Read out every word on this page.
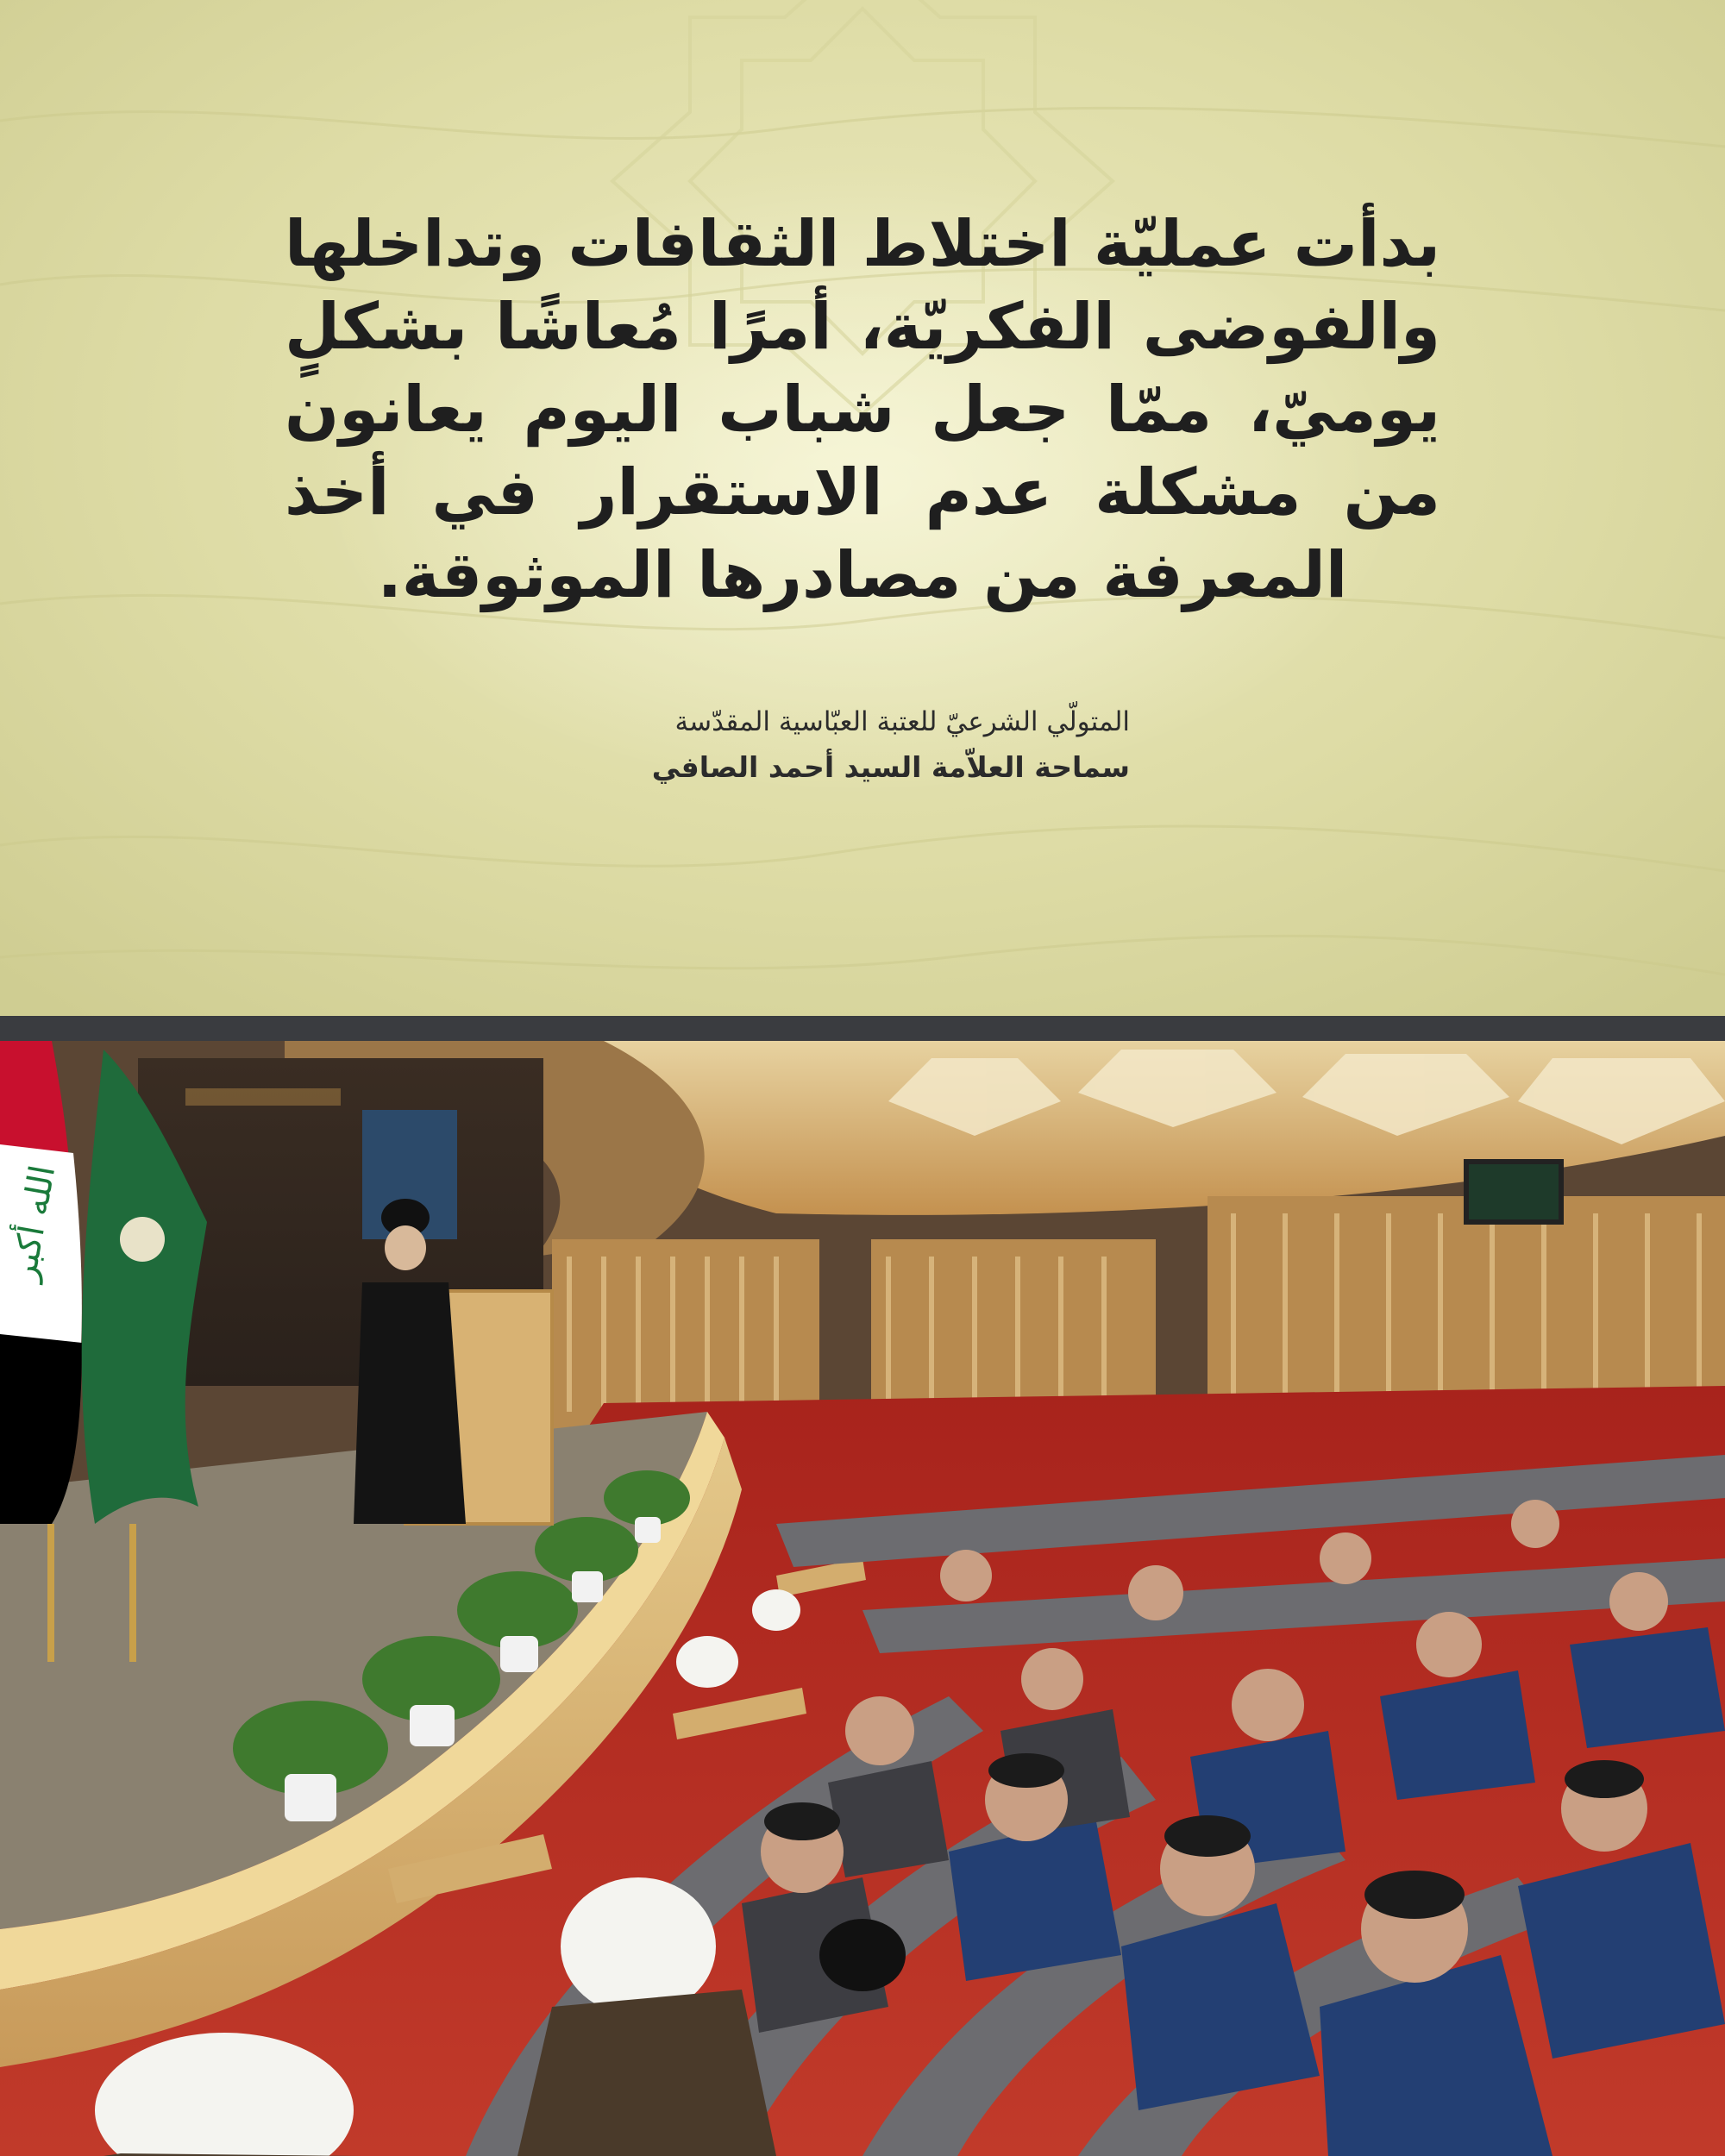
بدأت عمليّة اختلاط الثقافات وتداخلها والفوضى الفكريّة، أمرًا مُعاشًا بشكلٍ يوميّ، ممّا جعل شباب اليوم يعانون من مشكلة عدم الاستقرار في أخذ المعرفة من مصادرها الموثوقة.

المتولّي الشرعيّ للعتبة العبّاسية المقدّسة
سماحة العلاّمة السيد أحمد الصافي
الله أكبر
